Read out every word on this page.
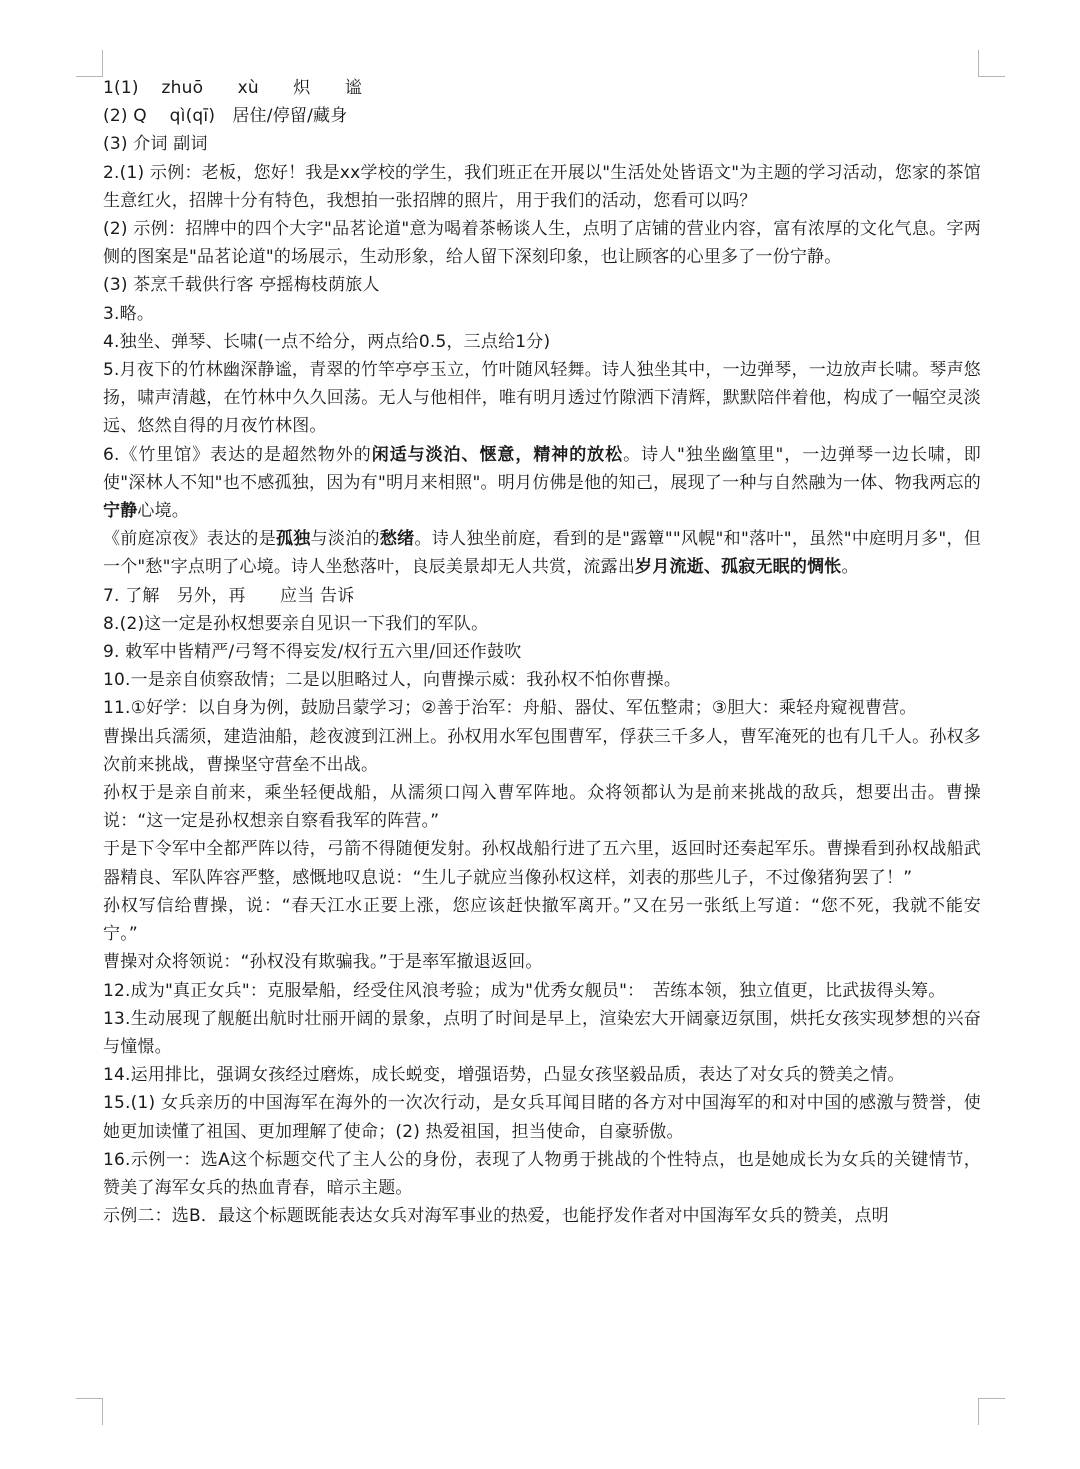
1(1)　 zhuō　　xù　　炽　　谧

(2) Q　 qì(qī)　居住/停留/藏身

(3) 介词 副词

2.(1) 示例：老板，您好！我是xx学校的学生，我们班正在开展以"生活处处皆语文"为主题的学习活动，您家的茶馆生意红火，招牌十分有特色，我想拍一张招牌的照片，用于我们的活动，您看可以吗？

(2) 示例：招牌中的四个大字"品茗论道"意为喝着茶畅谈人生，点明了店铺的营业内容，富有浓厚的文化气息。字两侧的图案是"品茗论道"的场展示，生动形象，给人留下深刻印象，也让顾客的心里多了一份宁静。

(3) 茶烹千载供行客 亭摇梅枝荫旅人

3.略。

4.独坐、弹琴、长啸(一点不给分，两点给0.5，三点给1分)

5.月夜下的竹林幽深静谧，青翠的竹竿亭亭玉立，竹叶随风轻舞。诗人独坐其中，一边弹琴，一边放声长啸。琴声悠扬，啸声清越，在竹林中久久回荡。无人与他相伴，唯有明月透过竹隙洒下清辉，默默陪伴着他，构成了一幅空灵淡远、悠然自得的月夜竹林图。

6.《竹里馆》表达的是超然物外的闲适与淡泊、惬意，精神的放松。诗人"独坐幽篁里"，一边弹琴一边长啸，即使"深林人不知"也不感孤独，因为有"明月来相照"。明月仿佛是他的知己，展现了一种与自然融为一体、物我两忘的宁静心境。

《前庭凉夜》表达的是孤独与淡泊的愁绪。诗人独坐前庭，看到的是"露簟""风幌"和"落叶"，虽然"中庭明月多"，但一个"愁"字点明了心境。诗人坐愁落叶，良辰美景却无人共赏，流露出岁月流逝、孤寂无眠的惆怅。

7. 了解　另外，再　　应当 告诉

8.(2)这一定是孙权想要亲自见识一下我们的军队。

9. 敕军中皆精严/弓弩不得妄发/权行五六里/回还作鼓吹

10.一是亲自侦察敌情；二是以胆略过人，向曹操示威：我孙权不怕你曹操。

11.①好学：以自身为例，鼓励吕蒙学习；②善于治军：舟船、器仗、军伍整肃；③胆大：乘轻舟窥视曹营。

曹操出兵濡须，建造油船，趁夜渡到江洲上。孙权用水军包围曹军，俘获三千多人，曹军淹死的也有几千人。孙权多次前来挑战，曹操坚守营垒不出战。

孙权于是亲自前来，乘坐轻便战船，从濡须口闯入曹军阵地。众将领都认为是前来挑战的敌兵，想要出击。曹操说：“这一定是孙权想亲自察看我军的阵营。”

于是下令军中全都严阵以待，弓箭不得随便发射。孙权战船行进了五六里，返回时还奏起军乐。曹操看到孙权战船武器精良、军队阵容严整，感慨地叹息说：“生儿子就应当像孙权这样，刘表的那些儿子，不过像猪狗罢了！”

孙权写信给曹操，说：“春天江水正要上涨，您应该赶快撤军离开。”又在另一张纸上写道：“您不死，我就不能安宁。”

曹操对众将领说：“孙权没有欺骗我。”于是率军撤退返回。

12.成为"真正女兵"：克服晕船，经受住风浪考验；成为"优秀女舰员"：　苦练本领，独立值更，比武拔得头筹。

13.生动展现了舰艇出航时壮丽开阔的景象，点明了时间是早上，渲染宏大开阔豪迈氛围，烘托女孩实现梦想的兴奋与憧憬。

14.运用排比，强调女孩经过磨炼，成长蜕变，增强语势，凸显女孩坚毅品质，表达了对女兵的赞美之情。

15.(1) 女兵亲历的中国海军在海外的一次次行动，是女兵耳闻目睹的各方对中国海军的和对中国的感激与赞誉，使她更加读懂了祖国、更加理解了使命；(2) 热爱祖国，担当使命，自豪骄傲。

16.示例一：选A这个标题交代了主人公的身份，表现了人物勇于挑战的个性特点，也是她成长为女兵的关键情节，赞美了海军女兵的热血青春，暗示主题。

示例二：选B．最这个标题既能表达女兵对海军事业的热爱，也能抒发作者对中国海军女兵的赞美，点明
